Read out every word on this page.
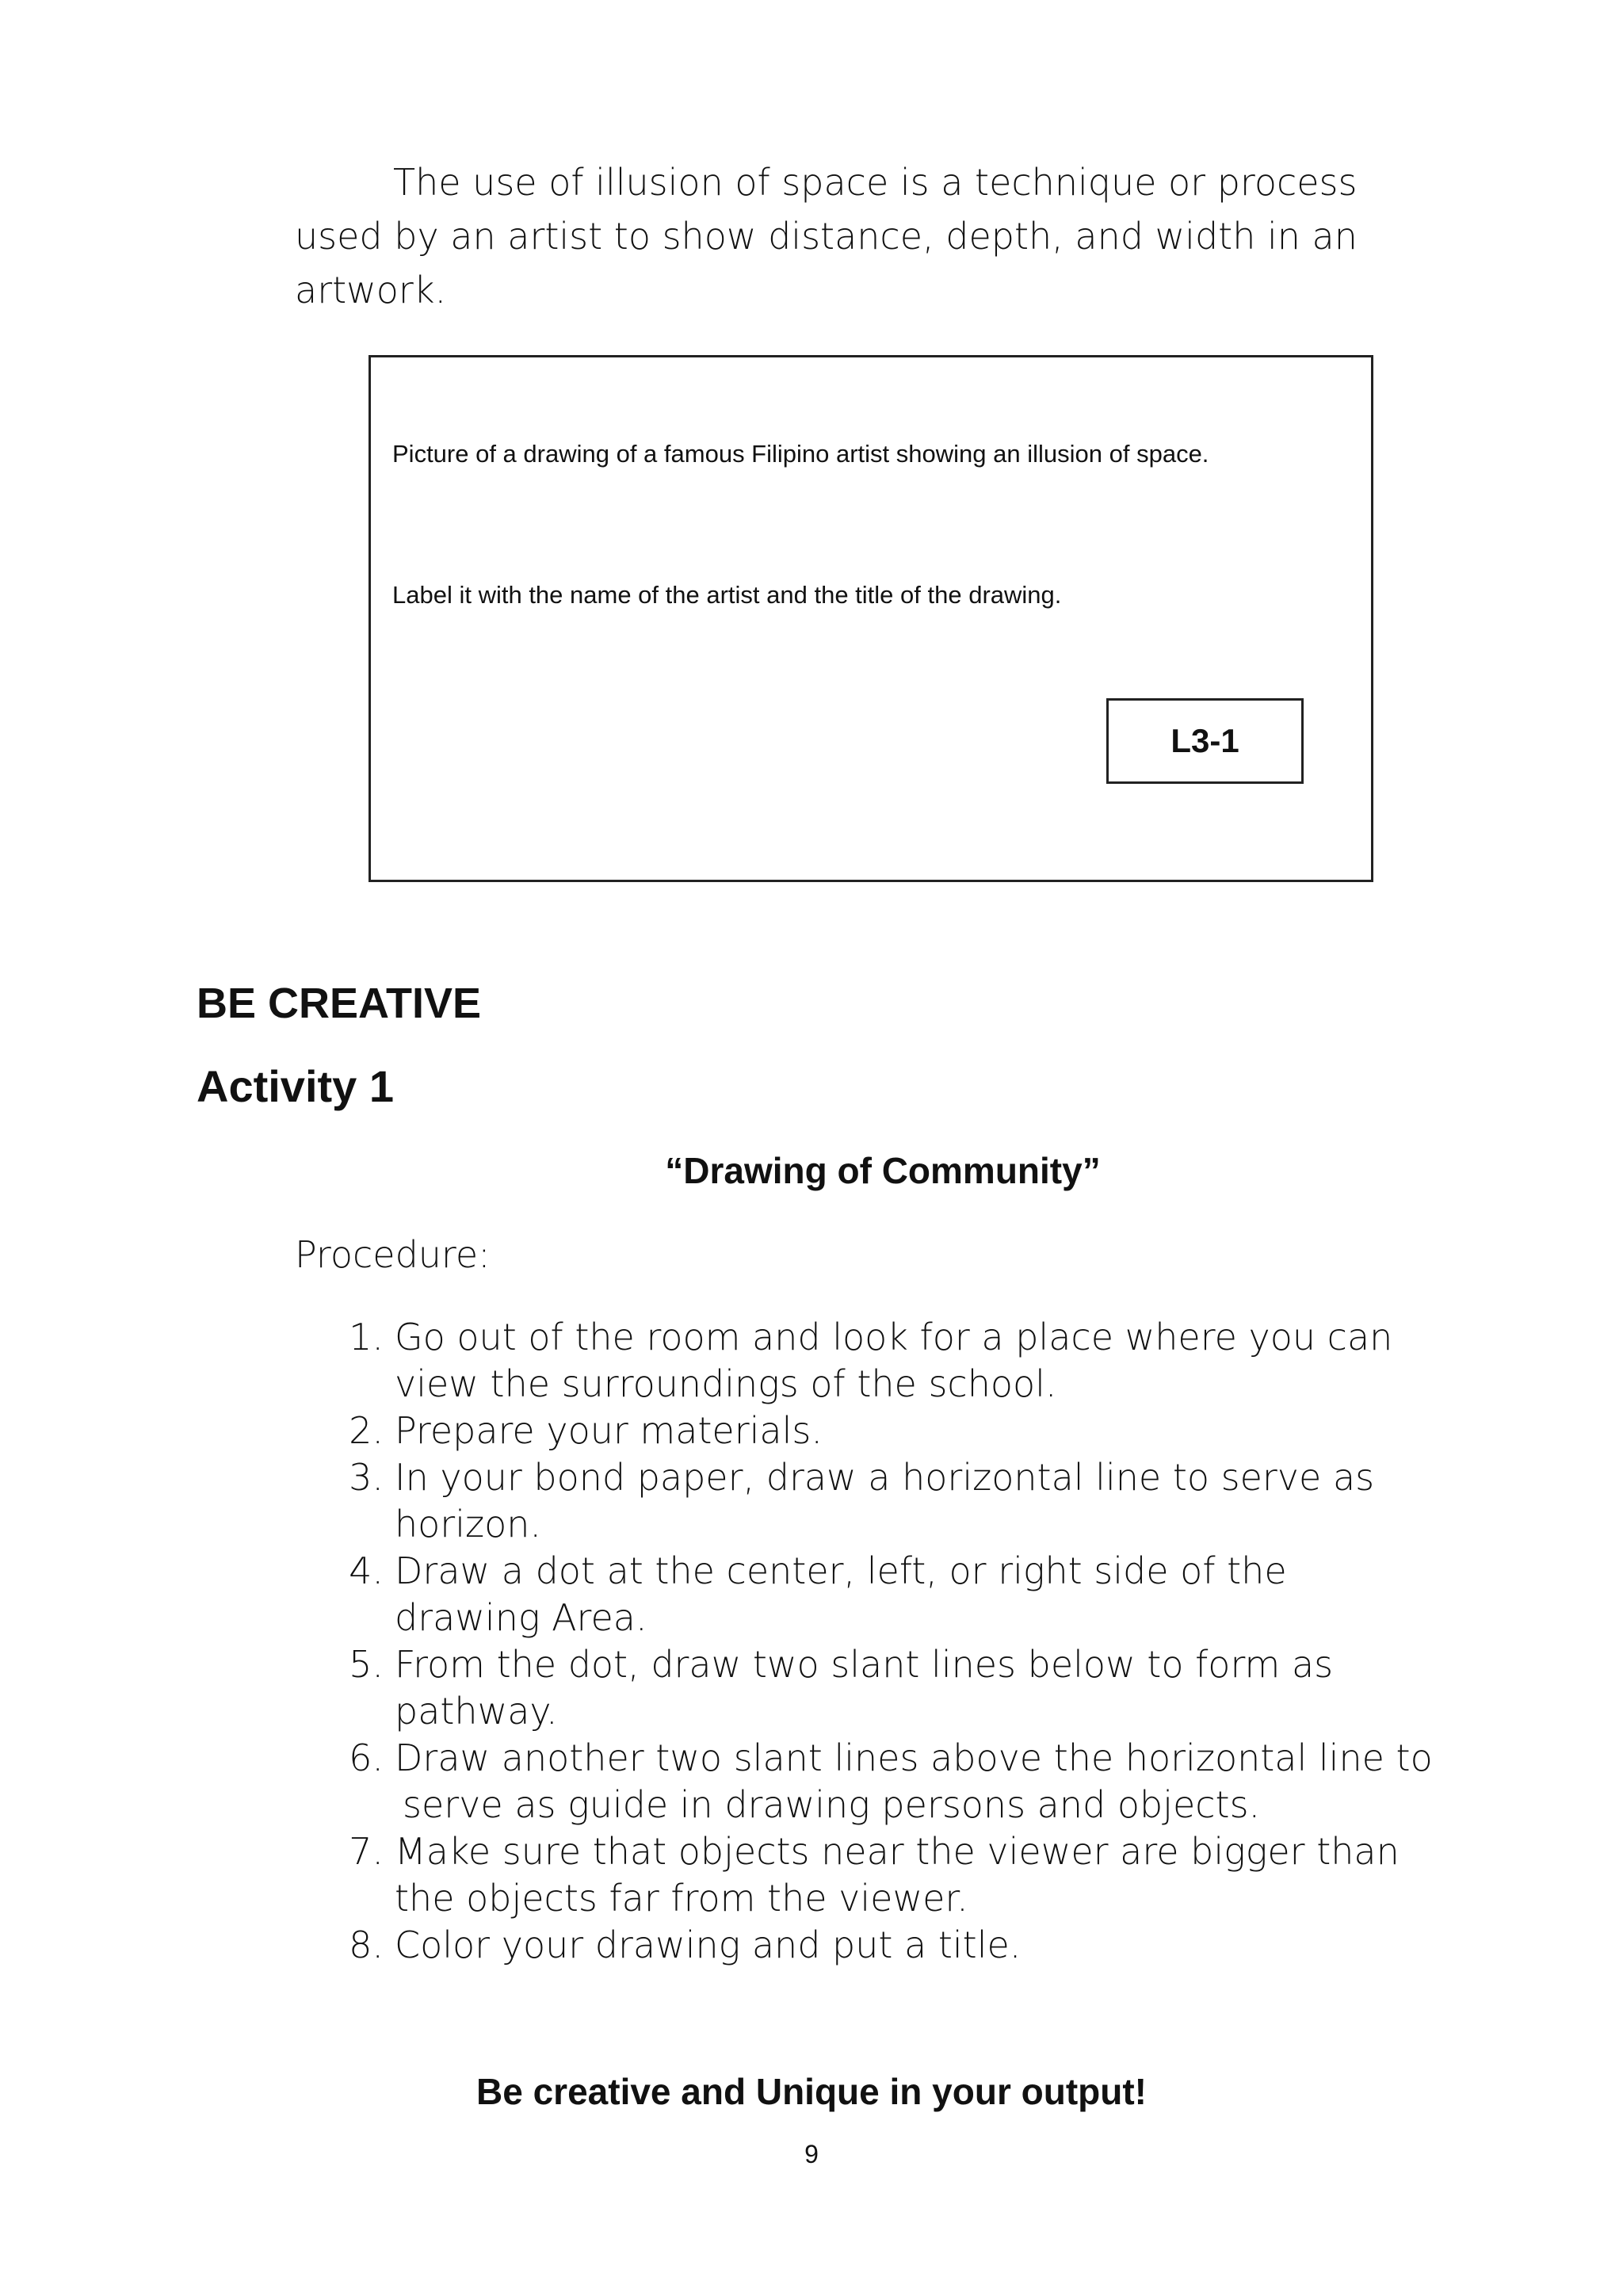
The use of illusion of space is a technique or process used by an artist to show distance, depth, and width in an artwork.

Picture of a drawing of a famous Filipino artist showing an illusion of space.

Label it with the name of the artist and the title of the drawing.

L3-1
BE CREATIVE
Activity 1

“Drawing of Community”

Procedure:

1. Go out of the room and look for a place where you can view the surroundings of the school.
2. Prepare your materials.
3. In your bond paper, draw a horizontal line to serve as horizon.
4. Draw a dot at the center, left, or right side of the drawing Area.
5. From the dot, draw two slant lines below to form as pathway.
6. Draw another two slant lines above the horizontal line to
serve as guide in drawing persons and objects.
7. Make sure that objects near the viewer are bigger than the objects far from the viewer.
8. Color your drawing and put a title.

Be creative and Unique in your output!

9
